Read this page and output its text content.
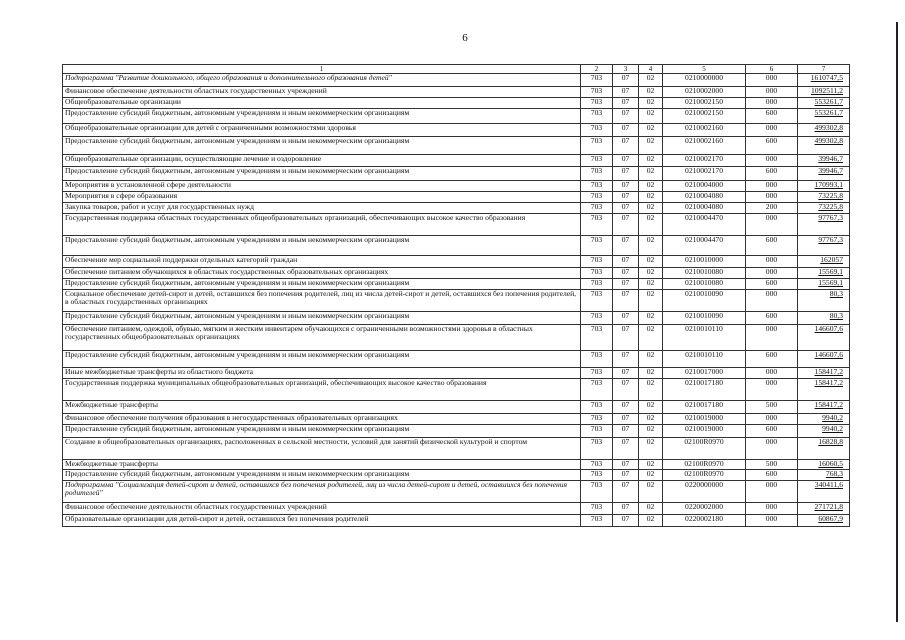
6
1	2	3	4	5	6	7
Подпрограмма "Развитие дошкольного, общего образования и дополнительного образования детей"	703	07	02	0210000000	000	1610747,5
Финансовое обеспечение деятельности областных государственных учреждений	703	07	02	0210002000	000	1092511,2
Общеобразовательные организации	703	07	02	0210002150	000	553261,7
Предоставление субсидий бюджетным, автономным учреждениям и иным некоммерческим организациям	703	07	02	0210002150	600	553261,7
Общеобразовательные организации для детей с ограниченными возможностями здоровья	703	07	02	0210002160	000	499302,8
Предоставление субсидий бюджетным, автономным учреждениям и иным некоммерческим организациям	703	07	02	0210002160	600	499302,8
Общеобразовательные организации, осуществляющие лечение и оздоровление	703	07	02	0210002170	000	39946,7
Предоставление субсидий бюджетным, автономным учреждениям и иным некоммерческим организациям	703	07	02	0210002170	600	39946,7
Мероприятия в установленной сфере деятельности	703	07	02	0210004000	000	170993,1
Мероприятия в сфере образования	703	07	02	0210004080	000	73225,8
Закупка товаров, работ и услуг для государственных нужд	703	07	02	0210004080	200	73225,8
Государственная поддержка областных государственных общеобразовательных организаций, обеспечивающих высокое качество образования	703	07	02	0210004470	000	97767,3
Предоставление субсидий бюджетным, автономным учреждениям и иным некоммерческим организациям	703	07	02	0210004470	600	97767,3
Обеспечение мер социальной поддержки отдельных категорий граждан	703	07	02	0210010000	000	162057
Обеспечение питанием обучающихся в областных государственных образовательных организациях	703	07	02	0210010080	000	15569,1
Предоставление субсидий бюджетным, автономным учреждениям и иным некоммерческим организациям	703	07	02	0210010080	600	15569,1
Социальное обеспечение детей-сирот и детей, оставшихся без попечения родителей, лиц из числа детей-сирот и детей, оставшихся без попечения родителей, в областных государственных организациях	703	07	02	0210010090	000	80,3
Предоставление субсидий бюджетным, автономным учреждениям и иным некоммерческим организациям	703	07	02	0210010090	600	80,3
Обеспечение питанием, одеждой, обувью, мягким и жестким инвентарем обучающихся с ограниченными возможностями здоровья в областных государственных общеобразовательных организациях	703	07	02	0210010110	000	146607,6
Предоставление субсидий бюджетным, автономным учреждениям и иным некоммерческим организациям	703	07	02	0210010110	600	146607,6
Иные межбюджетные трансферты из областного бюджета	703	07	02	0210017000	000	158417,2
Государственная поддержка муниципальных общеобразовательных организаций, обеспечивающих высокое качество образования	703	07	02	0210017180	000	158417,2
Межбюджетные трансферты	703	07	02	0210017180	500	158417,2
Финансовое обеспечение получения образования в негосударственных образовательных организациях	703	07	02	0210019000	000	9940,2
Предоставление субсидий бюджетным, автономным учреждениям и иным некоммерческим организациям	703	07	02	0210019000	600	9940,2
Создание в общеобразовательных организациях, расположенных в сельской местности, условий для занятий физической культурой и спортом	703	07	02	02100R0970	000	16828,8
Межбюджетные трансферты	703	07	02	02100R0970	500	16060,5
Предоставление субсидий бюджетным, автономным учреждениям и иным некоммерческим организациям	703	07	02	02100R0970	600	768,3
Подпрограмма "Социализация детей-сирот и детей, оставшихся без попечения родителей, лиц из числа детей-сирот и детей, оставшихся без попечения родителей"	703	07	02	0220000000	000	340411,6
Финансовое обеспечение деятельности областных государственных учреждений	703	07	02	0220002000	000	271721,8
Образовательные организации для детей-сирот и детей, оставшихся без попечения родителей	703	07	02	0220002180	000	60867,9
